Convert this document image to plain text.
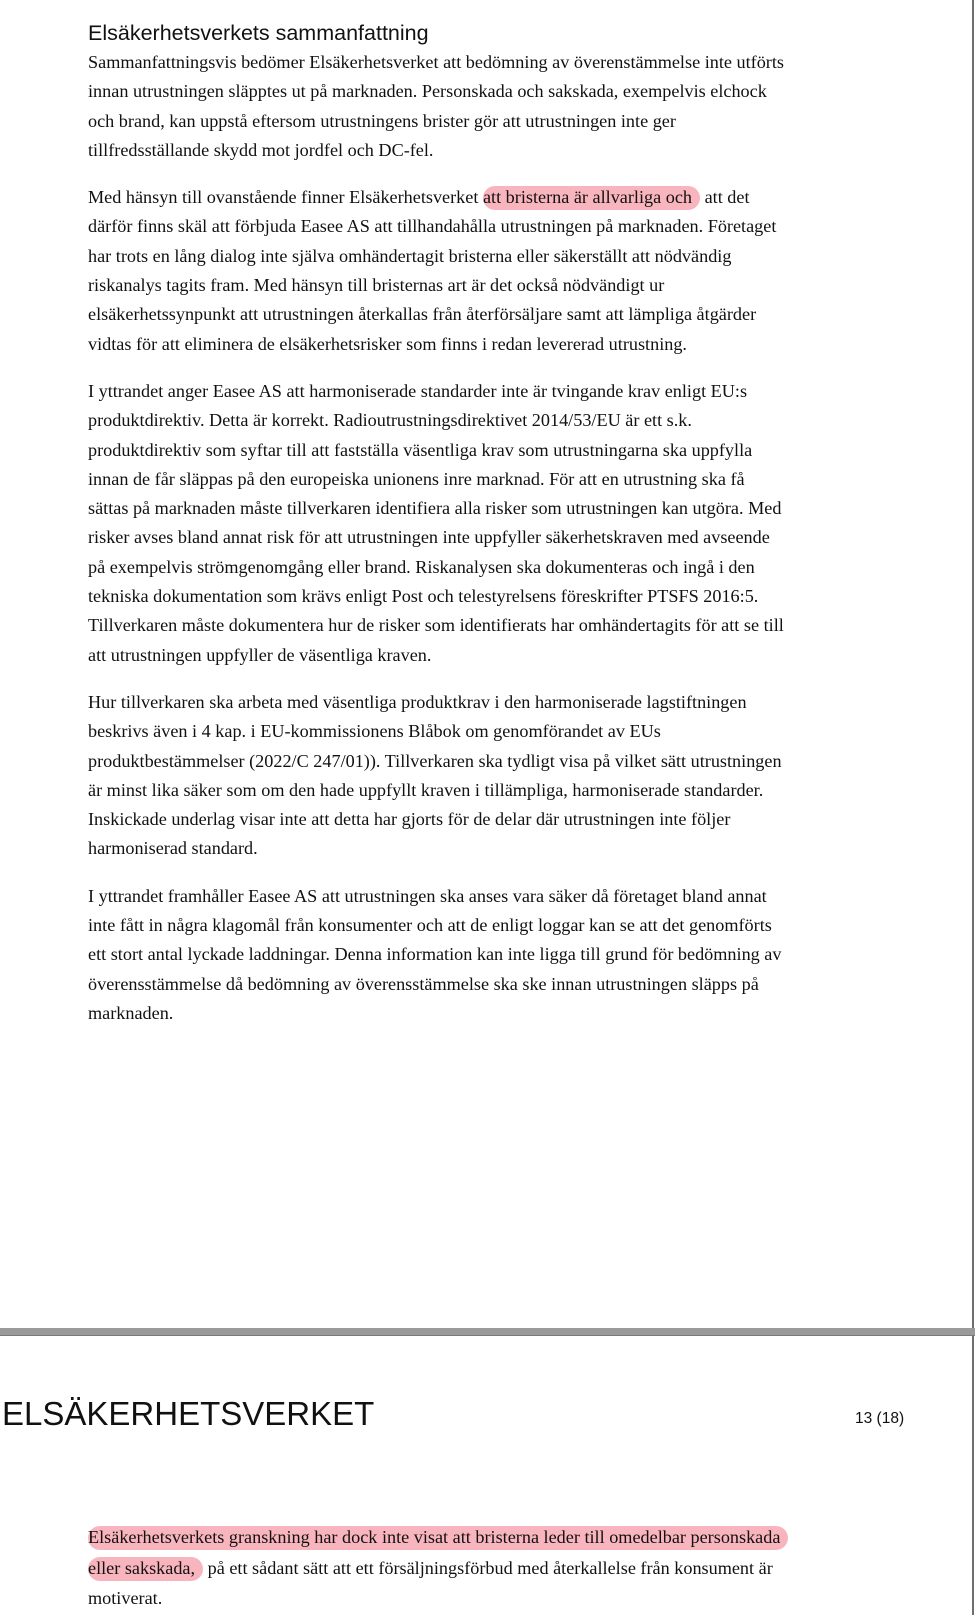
Elsäkerhetsverkets sammanfattning

Sammanfattningsvis bedömer Elsäkerhetsverket att bedömning av överenstämmelse inte utförts innan utrustningen släpptes ut på marknaden. Personskada och sakskada, exempelvis elchock och brand, kan uppstå eftersom utrustningens brister gör att utrustningen inte ger tillfredsställande skydd mot jordfel och DC-fel.

Med hänsyn till ovanstående finner Elsäkerhetsverket att bristerna är allvarliga och att det därför finns skäl att förbjuda Easee AS att tillhandahålla utrustningen på marknaden. Företaget har trots en lång dialog inte själva omhändertagit bristerna eller säkerställt att nödvändig riskanalys tagits fram. Med hänsyn till bristernas art är det också nödvändigt ur elsäkerhetssynpunkt att utrustningen återkallas från återförsäljare samt att lämpliga åtgärder vidtas för att eliminera de elsäkerhetsrisker som finns i redan levererad utrustning.

I yttrandet anger Easee AS att harmoniserade standarder inte är tvingande krav enligt EU:s produktdirektiv. Detta är korrekt. Radioutrustningsdirektivet 2014/53/EU är ett s.k. produktdirektiv som syftar till att fastställa väsentliga krav som utrustningarna ska uppfylla innan de får släppas på den europeiska unionens inre marknad. För att en utrustning ska få sättas på marknaden måste tillverkaren identifiera alla risker som utrustningen kan utgöra. Med risker avses bland annat risk för att utrustningen inte uppfyller säkerhetskraven med avseende på exempelvis strömgenomgång eller brand. Riskanalysen ska dokumenteras och ingå i den tekniska dokumentation som krävs enligt Post och telestyrelsens föreskrifter PTSFS 2016:5. Tillverkaren måste dokumentera hur de risker som identifierats har omhändertagits för att se till att utrustningen uppfyller de väsentliga kraven.

Hur tillverkaren ska arbeta med väsentliga produktkrav i den harmoniserade lagstiftningen beskrivs även i 4 kap. i EU-kommissionens Blåbok om genomförandet av EUs produktbestämmelser (2022/C 247/01)). Tillverkaren ska tydligt visa på vilket sätt utrustningen är minst lika säker som om den hade uppfyllt kraven i tillämpliga, harmoniserade standarder. Inskickade underlag visar inte att detta har gjorts för de delar där utrustningen inte följer harmoniserad standard.

I yttrandet framhåller Easee AS att utrustningen ska anses vara säker då företaget bland annat inte fått in några klagomål från konsumenter och att de enligt loggar kan se att det genomförts ett stort antal lyckade laddningar. Denna information kan inte ligga till grund för bedömning av överensstämmelse då bedömning av överensstämmelse ska ske innan utrustningen släpps på marknaden.

ELSÄKERHETSVERKET	13 (18)

Elsäkerhetsverkets granskning har dock inte visat att bristerna leder till omedelbar personskada eller sakskada, på ett sådant sätt att ett försäljningsförbud med återkallelse från konsument är motiverat.
